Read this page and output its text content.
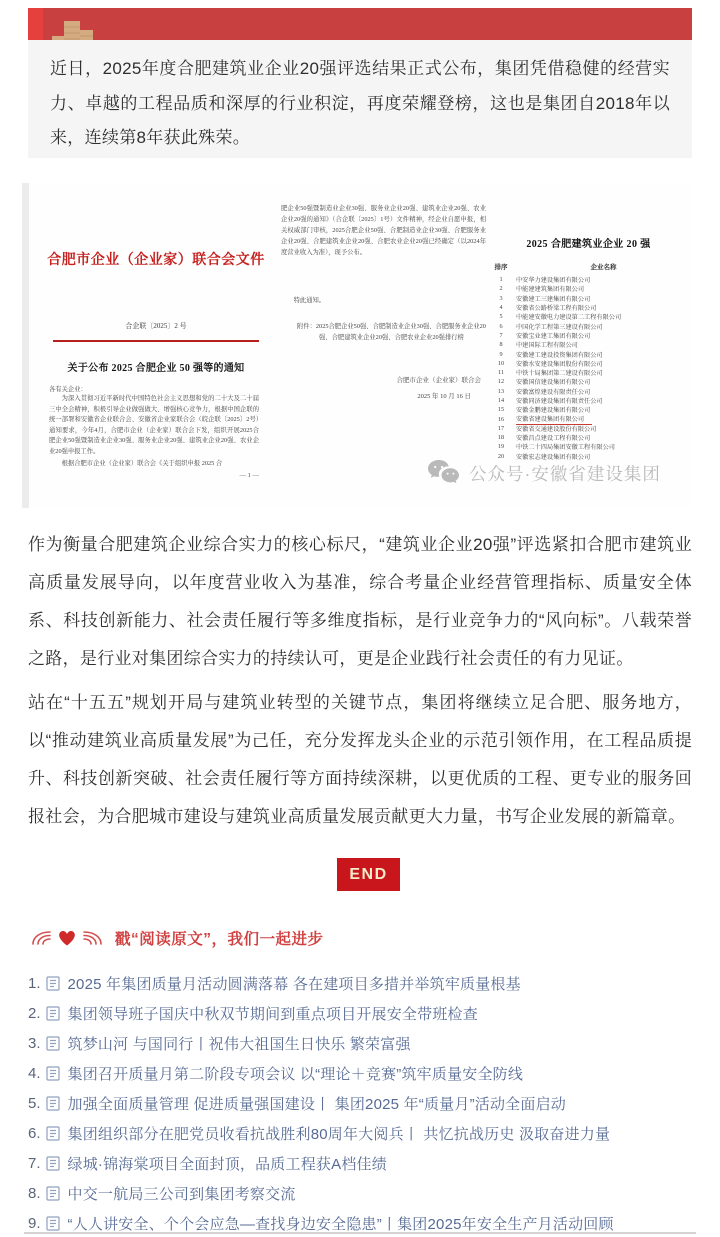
近日，2025年度合肥建筑业企业20强评选结果正式公布，集团凭借稳健的经营实力、卓越的工程品质和深厚的行业积淀，再度荣耀登榜，这也是集团自2018年以来，连续第8年获此殊荣。
合肥市企业（企业家）联合会文件
合企联〔2025〕2 号
关于公布 2025 合肥企业 50 强等的通知
各有关企业：
为深入贯彻习近平新时代中国特色社会主义思想和党的二十大及二十届三中全会精神，积极引导企业做强做大、增强核心竞争力，根据中国企联的统一部署和安徽省企业联合会、安徽省企业家联合会（皖企联〔2025〕2号）通知要求，今年4月，合肥市企业（企业家）联合会下发，组织开展2025合肥企业50强暨制造业企业30强、服务业企业20强、建筑业企业20强、农业企业20强申报工作。
根据合肥市企业（企业家）联合会《关于组织申报 2025 合
— 1 —
肥企业50强暨制造业企业30强、服务业企业20强、建筑业企业20强、农业企业20强的通知》（合企联〔2025〕1号）文件精神，经企业自愿申报，相关权威部门审核，2025合肥企业50强、合肥制造业企业30强、合肥服务业企业20强、合肥建筑业企业20强、合肥农业企业20强已经确定（以2024年度营业收入为准），现予公布。
特此通知。
附件：2025合肥企业50强、合肥制造业企业30强、合肥服务业企业20强、合肥建筑业企业20强、合肥农业企业20强排行榜
合肥市企业（企业家）联合会
2025 年 10 月 16 日
2025 合肥建筑业企业 20 强
排序	企业名称
1	中安华力建设集团有限公司
2	中能建建筑集团有限公司
3	安徽建工三建集团有限公司
4	安徽省公路桥梁工程有限公司
5	中能建安徽电力建设第二工程有限公司
6	中国化学工程第三建设有限公司
7	安徽宝业建工集团有限公司
8	中建国际工程有限公司
9	安徽建工建设投资集团有限公司
10	安徽水安建设集团股份有限公司
11	中铁十局集团第二建设有限公司
12	安徽国信建设集团有限公司
13	安徽富煌建设有限责任公司
14	安徽同济建设集团有限责任公司
15	安徽金鹏建设集团有限公司
16	安徽省建设集团有限公司
17	安徽省交通建设股份有限公司
18	安徽昌点建设工程有限公司
19	中铁二十四局集团安徽工程有限公司
20	安徽宏志建设集团有限公司
公众号·安徽省建设集团
作为衡量合肥建筑企业综合实力的核心标尺，“建筑业企业20强”评选紧扣合肥市建筑业高质量发展导向，以年度营业收入为基准，综合考量企业经营管理指标、质量安全体系、科技创新能力、社会责任履行等多维度指标，是行业竞争力的“风向标”。八载荣誉之路，是行业对集团综合实力的持续认可，更是企业践行社会责任的有力见证。
站在“十五五”规划开局与建筑业转型的关键节点，集团将继续立足合肥、服务地方，以“推动建筑业高质量发展”为己任，充分发挥龙头企业的示范引领作用，在工程品质提升、科技创新突破、社会责任履行等方面持续深耕，以更优质的工程、更专业的服务回报社会，为合肥城市建设与建筑业高质量发展贡献更大力量，书写企业发展的新篇章。
END
戳“阅读原文”，我们一起进步
1. 2025 年集团质量月活动圆满落幕 各在建项目多措并举筑牢质量根基
2. 集团领导班子国庆中秋双节期间到重点项目开展安全带班检查
3. 筑梦山河 与国同行丨祝伟大祖国生日快乐 繁荣富强
4. 集团召开质量月第二阶段专项会议 以“理论＋竞赛”筑牢质量安全防线
5. 加强全面质量管理 促进质量强国建设丨 集团2025 年“质量月”活动全面启动
6. 集团组织部分在肥党员收看抗战胜利80周年大阅兵丨 共忆抗战历史 汲取奋进力量
7. 绿城·锦海棠项目全面封顶，品质工程获A档佳绩
8. 中交一航局三公司到集团考察交流
9. “人人讲安全、个个会应急—查找身边安全隐患”丨集团2025年安全生产月活动回顾
